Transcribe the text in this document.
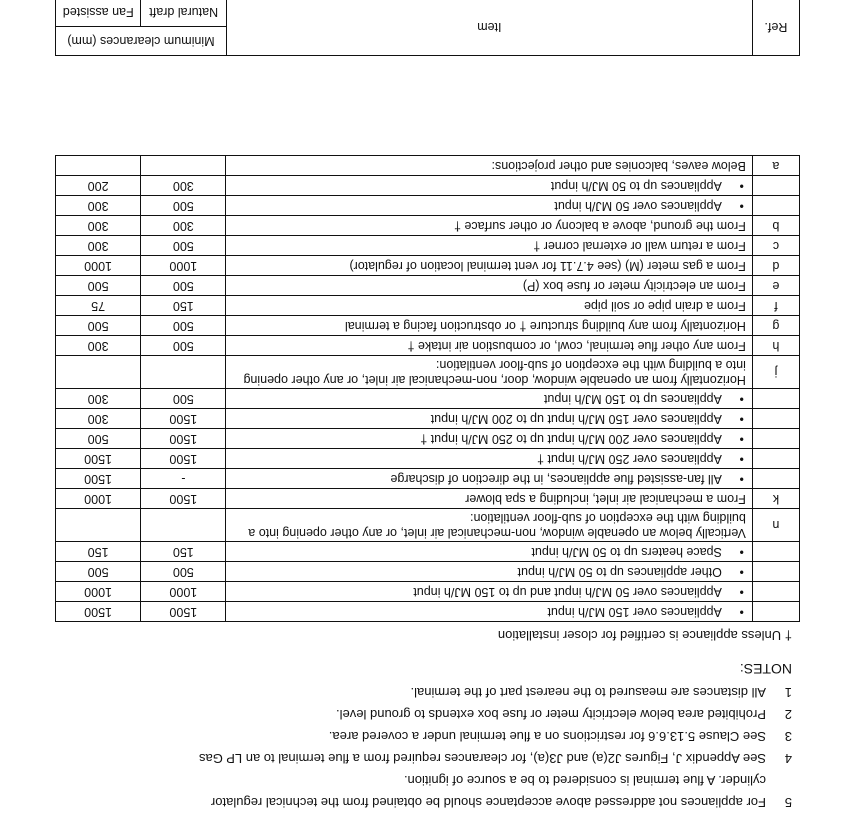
5
For appliances not addressed above acceptance should be obtained from the technical regulator
cylinder. A flue terminal is considered to be a source of ignition.
4
See Appendix J, Figures J2(a) and J3(a), for clearances required from a flue terminal to an LP Gas
3
See Clause 5.13.6.6 for restrictions on a flue terminal under a covered area.
2
Prohibited area below electricity meter or fuse box extends to ground level.
1
All distances are measured to the nearest part of the terminal.
NOTES:
† Unless appliance is certified for closer installation
	•Appliances over 150 MJ/h input	1500	1500
	•Appliances over 50 MJ/h input and up to 150 MJ/h input	1000	1000
	•Other appliances up to 50 MJ/h input	500	500
	•Space heaters up to 50 MJ/h input	150	150
n	Vertically below an openable window, non-mechanical air inlet, or any other opening into a building with the exception of sub-floor ventilation:		
k	From a mechanical air inlet, including a spa blower	1500	1000
	•All fan-assisted flue appliances, in the direction of discharge	-	1500
	•Appliances over 250 MJ/h input †	1500	1500
	•Appliances over 200 MJ/h input up to 250 MJ/h input †	1500	500
	•Appliances over 150 MJ/h input up to 200 MJ/h input	1500	300
	•Appliances up to 150 MJ/h input	500	300
j	Horizontally from an openable window, door, non-mechanical air inlet, or any other opening into a building with the exception of sub-floor ventilation:		
h	From any other flue terminal, cowl, or combustion air intake †	500	300
g	Horizontally from any building structure † or obstruction facing a terminal	500	500
f	From a drain pipe or soil pipe	150	75
e	From an electricity meter or fuse box (P)	500	500
d	From a gas meter (M) (see 4.7.11 for vent terminal location of regulator)	1000	1000
c	From a return wall or external corner †	500	300
b	From the ground, above a balcony or other surface †	300	300
	•Appliances over 50 MJ/h input	500	300
	•Appliances up to 50 MJ/h input	300	200
a	Below eaves, balconies and other projections:		
Ref.	Item	Minimum clearances (mm)	
		Natural draft	Fan assisted
